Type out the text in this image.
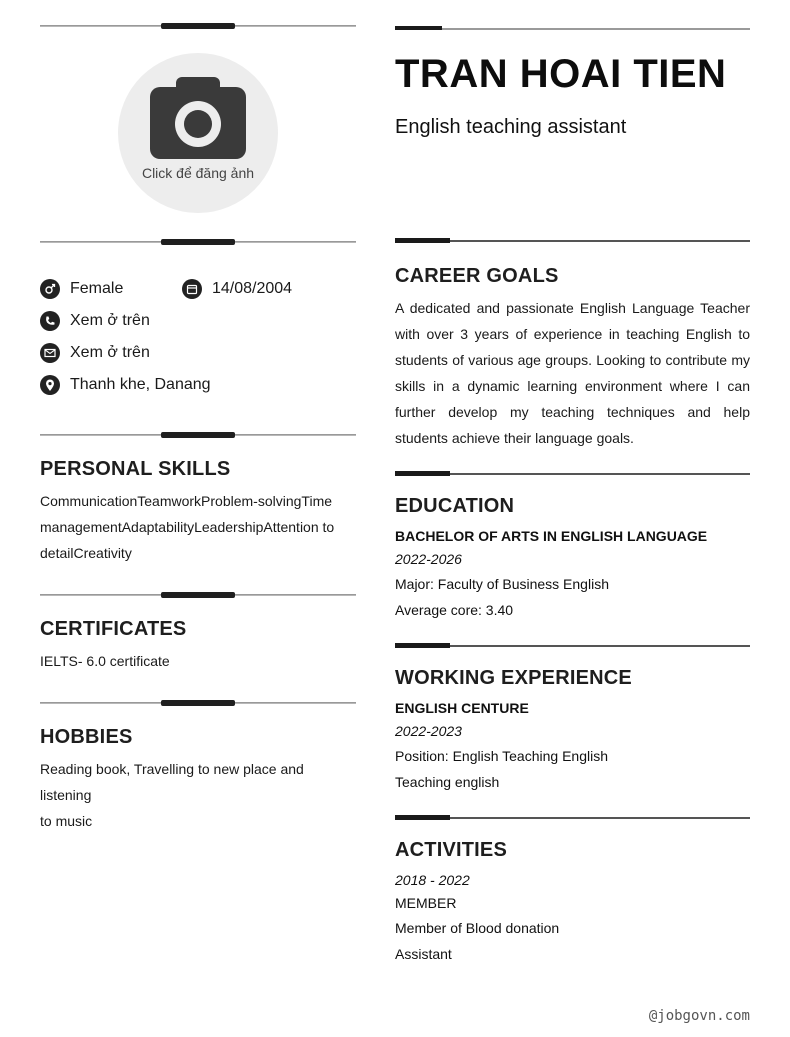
Click để đăng ảnh
Female	14/08/2004
Xem ở trên
Xem ở trên
Thanh khe, Danang
PERSONAL SKILLS
CommunicationTeamworkProblem-solvingTime
managementAdaptabilityLeadershipAttention to
detailCreativity
CERTIFICATES
IELTS- 6.0 certificate
HOBBIES
Reading book, Travelling to new place and listening
to music
TRAN HOAI TIEN
English teaching assistant
CAREER GOALS
A dedicated and passionate English Language Teacher with over 3 years of experience in teaching English to students of various age groups. Looking to contribute my skills in a dynamic learning environment where I can further develop my teaching techniques and help students achieve their language goals.
EDUCATION
BACHELOR OF ARTS IN ENGLISH LANGUAGE
2022-2026
Major: Faculty of Business English
Average core: 3.40
WORKING EXPERIENCE
ENGLISH CENTURE
2022-2023
Position: English Teaching English
Teaching english
ACTIVITIES
2018 - 2022
MEMBER
Member of Blood donation
Assistant
@jobgovn.com
